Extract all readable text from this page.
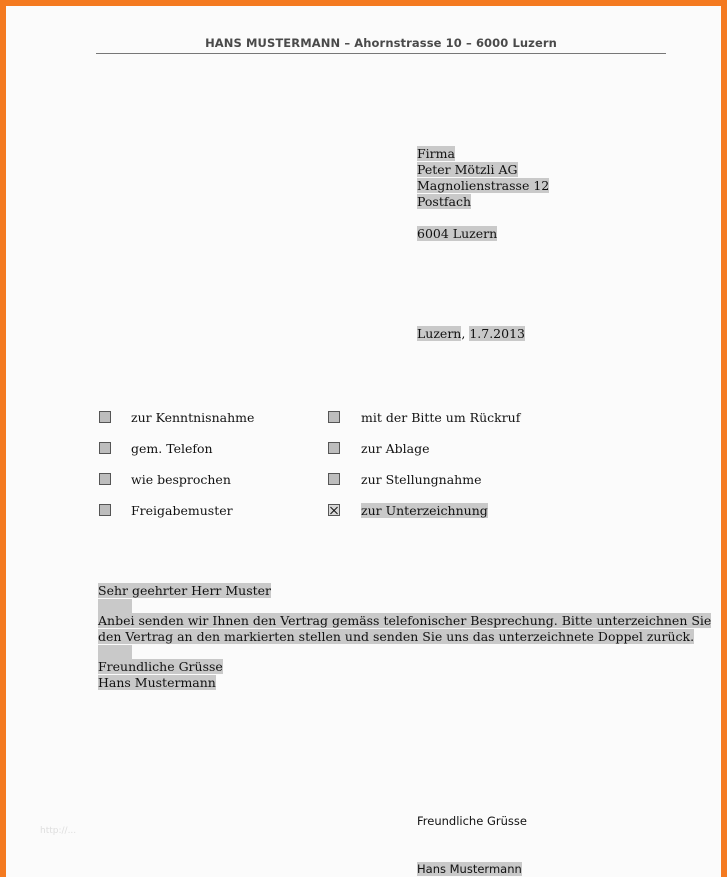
HANS MUSTERMANN – Ahornstrasse 10 – 6000 Luzern
Firma
Peter Mötzli AG
Magnolienstrasse 12
Postfach
6004 Luzern
Luzern, 1.7.2013
zur Kenntnisnahme
gem. Telefon
wie besprochen
Freigabemuster
mit der Bitte um Rückruf
zur Ablage
zur Stellungnahme
zur Unterzeichnung
Sehr geehrter Herr Muster
Anbei senden wir Ihnen den Vertrag gemäss telefonischer Besprechung. Bitte unterzeichnen Sie
den Vertrag an den markierten stellen und senden Sie uns das unterzeichnete Doppel zurück.
Freundliche Grüsse
Hans Mustermann
Freundliche Grüsse
Hans Mustermann
http://...
